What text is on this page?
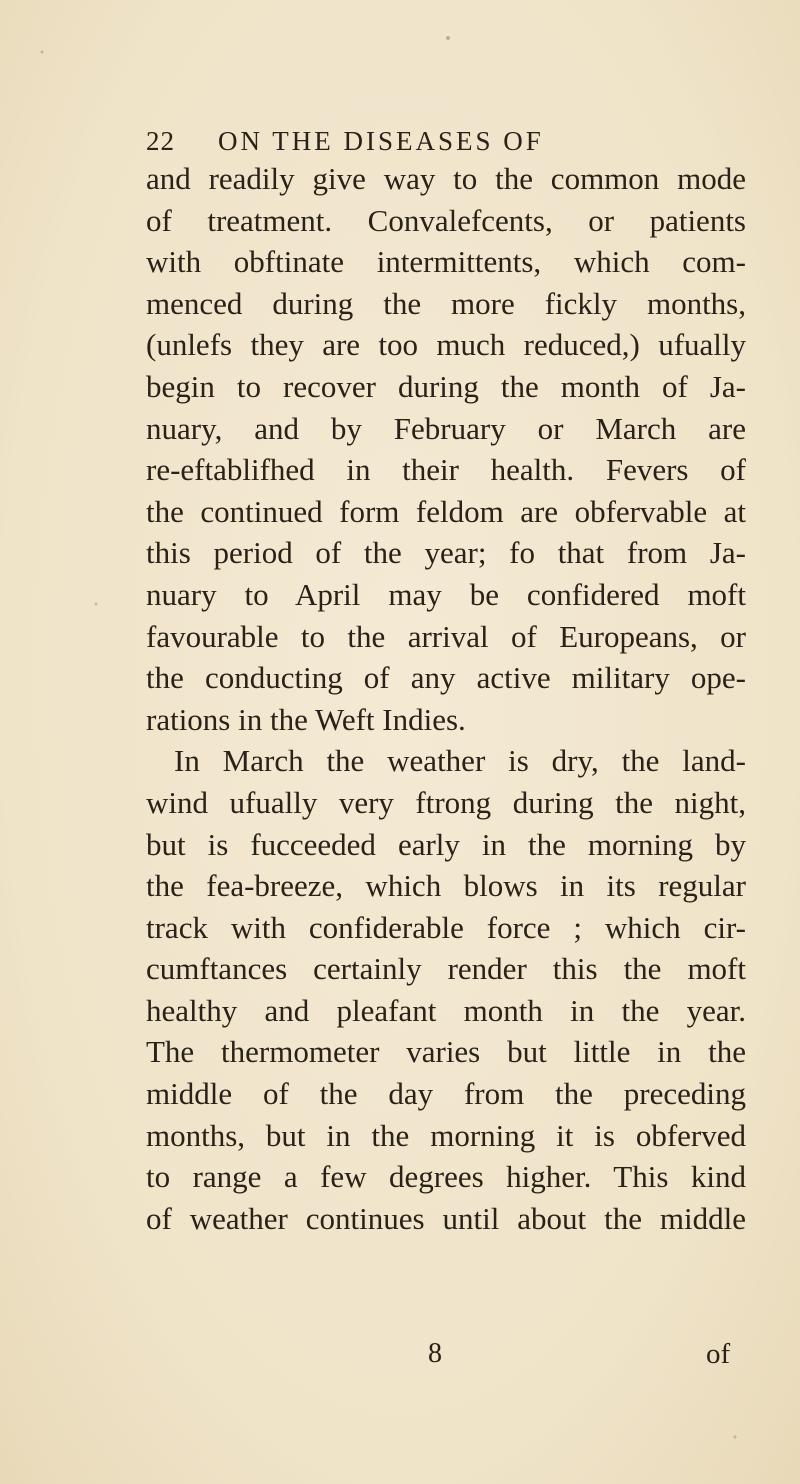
22 ON THE DISEASES OF
and readily give way to the common mode
of treatment. Convalefcents, or patients
with obftinate intermittents, which com-
menced during the more fickly months,
(unlefs they are too much reduced,) ufually
begin to recover during the month of Ja-
nuary, and by February or March are
re-eftablifhed in their health. Fevers of
the continued form feldom are obfervable at
this period of the year; fo that from Ja-
nuary to April may be confidered moft
favourable to the arrival of Europeans, or
the conducting of any active military ope-
rations in the Weft Indies.
In March the weather is dry, the land-
wind ufually very ftrong during the night,
but is fucceeded early in the morning by
the fea-breeze, which blows in its regular
track with confiderable force ; which cir-
cumftances certainly render this the moft
healthy and pleafant month in the year.
The thermometer varies but little in the
middle of the day from the preceding
months, but in the morning it is obferved
to range a few degrees higher. This kind
of weather continues until about the middle
8	of
